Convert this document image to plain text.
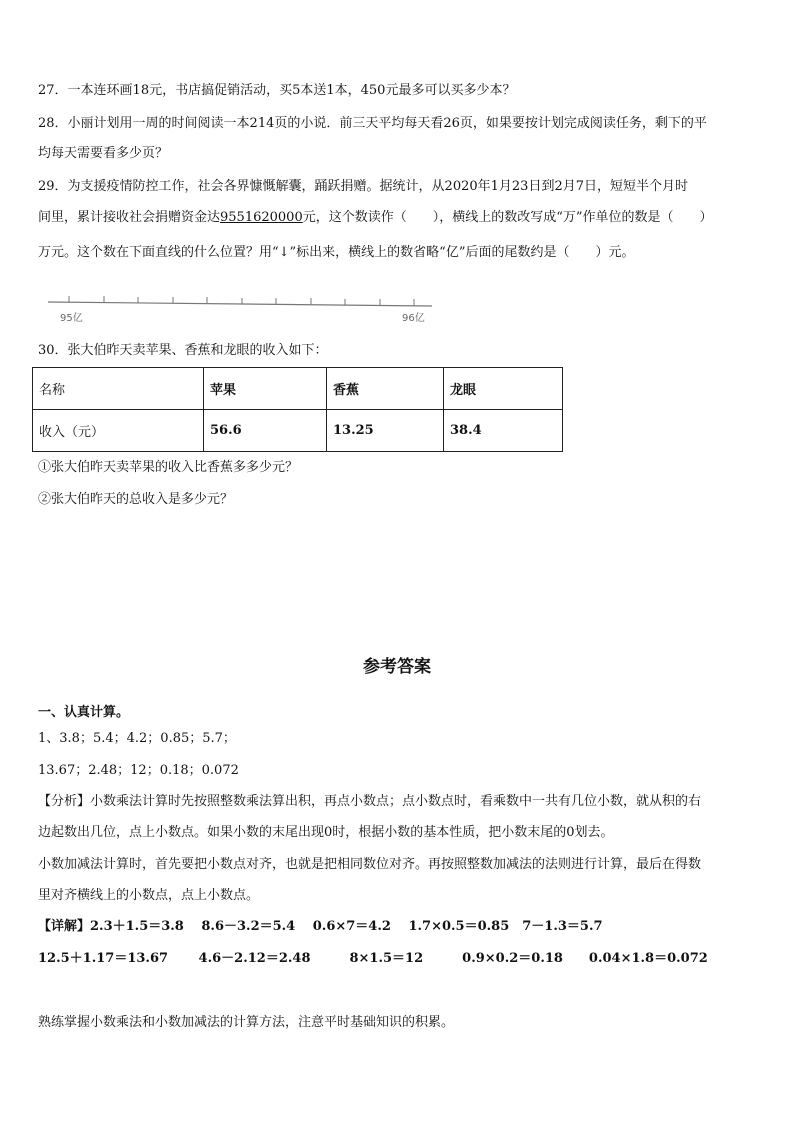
27．一本连环画18元，书店搞促销活动，买5本送1本，450元最多可以买多少本？
28．小丽计划用一周的时间阅读一本214页的小说．前三天平均每天看26页，如果要按计划完成阅读任务，剩下的平
均每天需要看多少页？
29．为支援疫情防控工作，社会各界慷慨解囊，踊跃捐赠。据统计，从2020年1月23日到2月7日，短短半个月时
间里，累计接收社会捐赠资金达9551620000元，这个数读作（　　），横线上的数改写成“万”作单位的数是（　　）
万元。这个数在下面直线的什么位置？用“↓”标出来，横线上的数省略“亿”后面的尾数约是（　　）元。
95亿	96亿
30．张大伯昨天卖苹果、香蕉和龙眼的收入如下：
名称	苹果	香蕉	龙眼
收入（元）	56.6	13.25	38.4
①张大伯昨天卖苹果的收入比香蕉多多少元？
②张大伯昨天的总收入是多少元？
参考答案
一、认真计算。
1、3.8；5.4；4.2；0.85；5.7；
13.67；2.48；12；0.18；0.072
【分析】小数乘法计算时先按照整数乘法算出积，再点小数点；点小数点时，看乘数中一共有几位小数，就从积的右
边起数出几位，点上小数点。如果小数的末尾出现0时，根据小数的基本性质，把小数末尾的0划去。
小数加减法计算时，首先要把小数点对齐，也就是把相同数位对齐。再按照整数加减法的法则进行计算，最后在得数
里对齐横线上的小数点，点上小数点。
【详解】2.3＋1.5＝3.8　 8.6－3.2＝5.4　 0.6×7＝4.2　 1.7×0.5＝0.85　7－1.3＝5.7
12.5＋1.17＝13.67　　 4.6－2.12＝2.48　　　8×1.5＝12　　　0.9×0.2＝0.18　　0.04×1.8＝0.072
熟练掌握小数乘法和小数加减法的计算方法，注意平时基础知识的积累。
